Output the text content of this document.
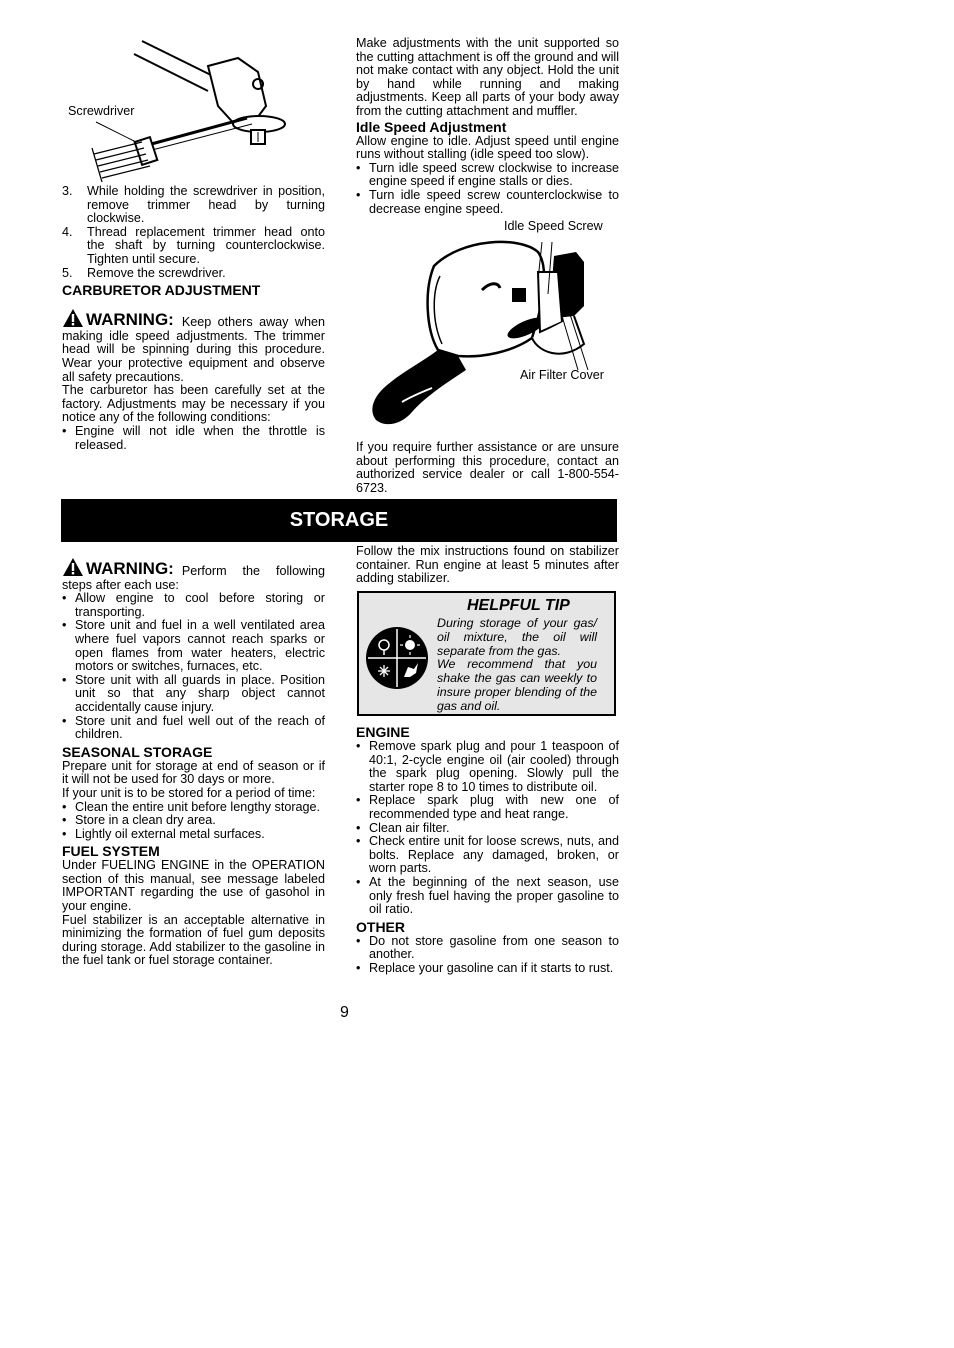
Screwdriver
3. While holding the screwdriver in position, remove trimmer head by turning clockwise.
4. Thread replacement trimmer head onto the shaft by turning counterclockwise. Tighten until secure.
5. Remove the screwdriver.
CARBURETOR ADJUSTMENT

WARNING: Keep others away when making idle speed adjustments. The trimmer head will be spinning during this procedure. Wear your protective equipment and observe all safety precautions.

The carburetor has been carefully set at the factory. Adjustments may be necessary if you notice any of the following conditions:

• Engine will not idle when the throttle is released.

Make adjustments with the unit supported so the cutting attachment is off the ground and will not make contact with any object. Hold the unit by hand while running and making adjustments. Keep all parts of your body away from the cutting attachment and muffler.

Idle Speed Adjustment

Allow engine to idle. Adjust speed until engine runs without stalling (idle speed too slow).

• Turn idle speed screw clockwise to increase engine speed if engine stalls or dies.
• Turn idle speed screw counterclockwise to decrease engine speed.
Idle Speed Screw
Air Filter Cover

If you require further assistance or are unsure about performing this procedure, contact an authorized service dealer or call 1-800-554-6723.

STORAGE

WARNING: Perform the following steps after each use:

• Allow engine to cool before storing or transporting.
• Store unit and fuel in a well ventilated area where fuel vapors cannot reach sparks or open flames from water heaters, electric motors or switches, furnaces, etc.
• Store unit with all guards in place. Position unit so that any sharp object cannot accidentally cause injury.
• Store unit and fuel well out of the reach of children.
SEASONAL STORAGE

Prepare unit for storage at end of season or if it will not be used for 30 days or more.

If your unit is to be stored for a period of time:

• Clean the entire unit before lengthy storage.
• Store in a clean dry area.
• Lightly oil external metal surfaces.
FUEL SYSTEM

Under FUELING ENGINE in the OPERATION section of this manual, see message labeled IMPORTANT regarding the use of gasohol in your engine.

Fuel stabilizer is an acceptable alternative in minimizing the formation of fuel gum deposits during storage. Add stabilizer to the gasoline in the fuel tank or fuel storage container.

Follow the mix instructions found on stabilizer container. Run engine at least 5 minutes after adding stabilizer.

HELPFUL TIP

During storage of your gas/ oil mixture, the oil will separate from the gas.

We recommend that you shake the gas can weekly to insure proper blending of the gas and oil.

ENGINE
• Remove spark plug and pour 1 teaspoon of 40:1, 2-cycle engine oil (air cooled) through the spark plug opening. Slowly pull the starter rope 8 to 10 times to distribute oil.
• Replace spark plug with new one of recommended type and heat range.
• Clean air filter.
• Check entire unit for loose screws, nuts, and bolts. Replace any damaged, broken, or worn parts.
• At the beginning of the next season, use only fresh fuel having the proper gasoline to oil ratio.
OTHER
• Do not store gasoline from one season to another.
• Replace your gasoline can if it starts to rust.
9
